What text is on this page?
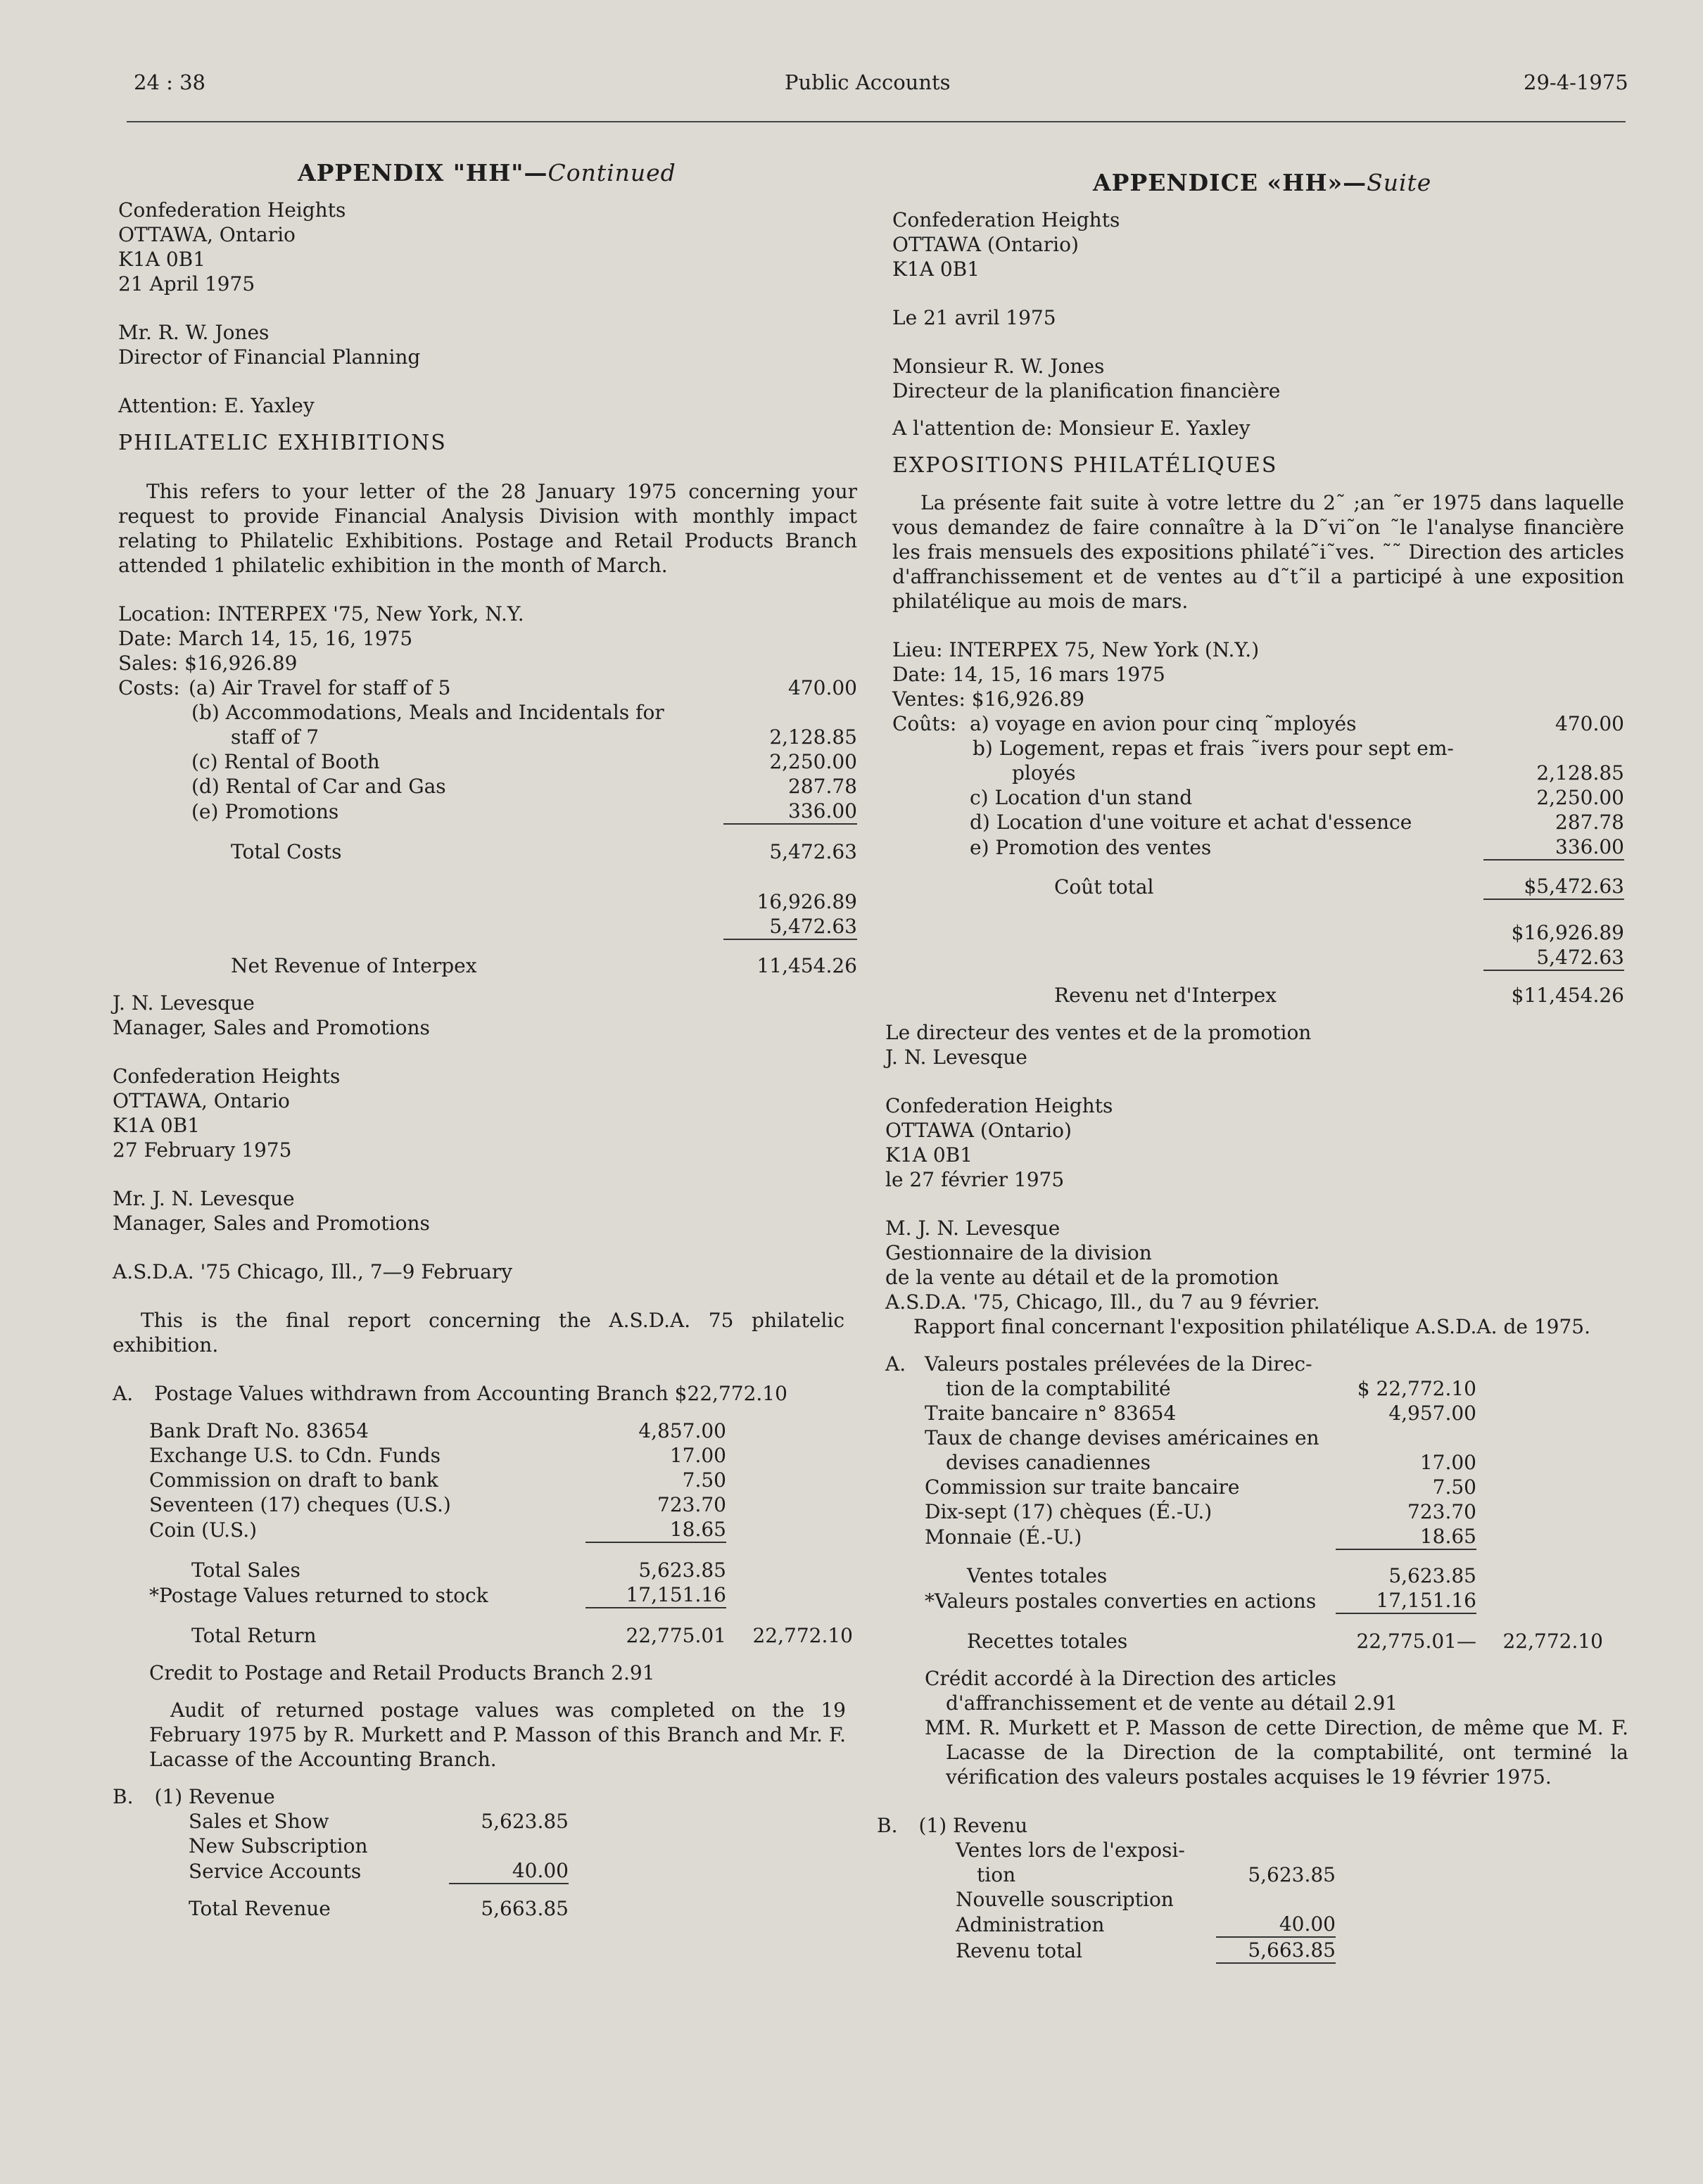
24 : 38	Public Accounts	29-4-1975
APPENDIX "HH"—Continued
Confederation Heights
OTTAWA, Ontario
K1A 0B1
21 April 1975
Mr. R. W. Jones
Director of Financial Planning
Attention: E. Yaxley
PHILATELIC EXHIBITIONS

This refers to your letter of the 28 January 1975 concerning your request to provide Financial Analysis Division with monthly impact relating to Philatelic Exhibitions. Postage and Retail Products Branch attended 1 philatelic exhibition in the month of March.

Location: INTERPEX '75, New York, N.Y.
Date: March 14, 15, 16, 1975
Sales: $16,926.89
Costs:	(a) Air Travel for staff of 5	470.00
	(b) Accommodations, Meals and Incidentals for	
	staff of 7	2,128.85
	(c) Rental of Booth	2,250.00
	(d) Rental of Car and Gas	287.78
	(e) Promotions	336.00

	Total Costs	5,472.63

		16,926.89
		5,472.63

	Net Revenue of Interpex	11,454.26
J. N. Levesque
Manager, Sales and Promotions
Confederation Heights
OTTAWA, Ontario
K1A 0B1
27 February 1975
Mr. J. N. Levesque
Manager, Sales and Promotions
A.S.D.A. '75 Chicago, Ill., 7—9 February

This is the final report concerning the A.S.D.A. 75 philatelic exhibition.

A. Postage Values withdrawn from Accounting Branch $22,772.10
Bank Draft No. 83654	4,857.00	
Exchange U.S. to Cdn. Funds	17.00	
Commission on draft to bank	7.50	
Seventeen (17) cheques (U.S.)	723.70	
Coin (U.S.)	18.65	

Total Sales	5,623.85	
*Postage Values returned to stock	17,151.16	

Total Return	22,775.01	22,772.10
Credit to Postage and Retail Products Branch 2.91

Audit of returned postage values was completed on the 19 February 1975 by R. Murkett and P. Masson of this Branch and Mr. F. Lacasse of the Accounting Branch.

B. (1) Revenue
Sales et Show	5,623.85
New Subscription	
Service Accounts	40.00

Total Revenue	5,663.85
APPENDICE «HH»—Suite
Confederation Heights
OTTAWA (Ontario)
K1A 0B1
Le 21 avril 1975
Monsieur R. W. Jones
Directeur de la planification financière
A l'attention de: Monsieur E. Yaxley
EXPOSITIONS PHILATÉLIQUES

La présente fait suite à votre lettre du 2˜ ;an ˜er 1975 dans laquelle vous demandez de faire connaître à la D˜vi˜on ˜le l'analyse financière les frais mensuels des expositions philaté˜i˜ves. ˜˜ Direction des articles d'affranchissement et de ventes au d˜t˜il a participé à une exposition philatélique au mois de mars.

Lieu: INTERPEX 75, New York (N.Y.)
Date: 14, 15, 16 mars 1975
Ventes: $16,926.89
Coûts:	a) voyage en avion pour cinq ˜mployés	470.00
	b) Logement, repas et frais ˜ivers pour sept em-	
	ployés	2,128.85
	c) Location d'un stand	2,250.00
	d) Location d'une voiture et achat d'essence	287.78
	e) Promotion des ventes	336.00

	Coût total	$5,472.63

		$16,926.89
		5,472.63

	Revenu net d'Interpex	$11,454.26
Le directeur des ventes et de la promotion
J. N. Levesque
Confederation Heights
OTTAWA (Ontario)
K1A 0B1
le 27 février 1975
M. J. N. Levesque
Gestionnaire de la division
de la vente au détail et de la promotion
A.S.D.A. '75, Chicago, Ill., du 7 au 9 février.
Rapport final concernant l'exposition philatélique A.S.D.A. de 1975.
A.	Valeurs postales prélevées de la Direc-		
	tion de la comptabilité	$ 22,772.10	
	Traite bancaire n° 83654	4,957.00	
	Taux de change devises américaines en		
	devises canadiennes	17.00	
	Commission sur traite bancaire	7.50	
	Dix-sept (17) chèques (É.-U.)	723.70	
	Monnaie (É.-U.)	18.65	

	Ventes totales	5,623.85	
	*Valeurs postales converties en actions	17,151.16	

	Recettes totales	22,775.01—	22,772.10
Crédit accordé à la Direction des articles
d'affranchissement et de vente au détail 2.91

MM. R. Murkett et P. Masson de cette Direction, de même que M. F. Lacasse de la Direction de la comptabilité, ont terminé la vérification des valeurs postales acquises le 19 février 1975.

B. (1) Revenu
Ventes lors de l'exposi-	
tion	5,623.85
Nouvelle souscription	
Administration	40.00
Revenu total	5,663.85
